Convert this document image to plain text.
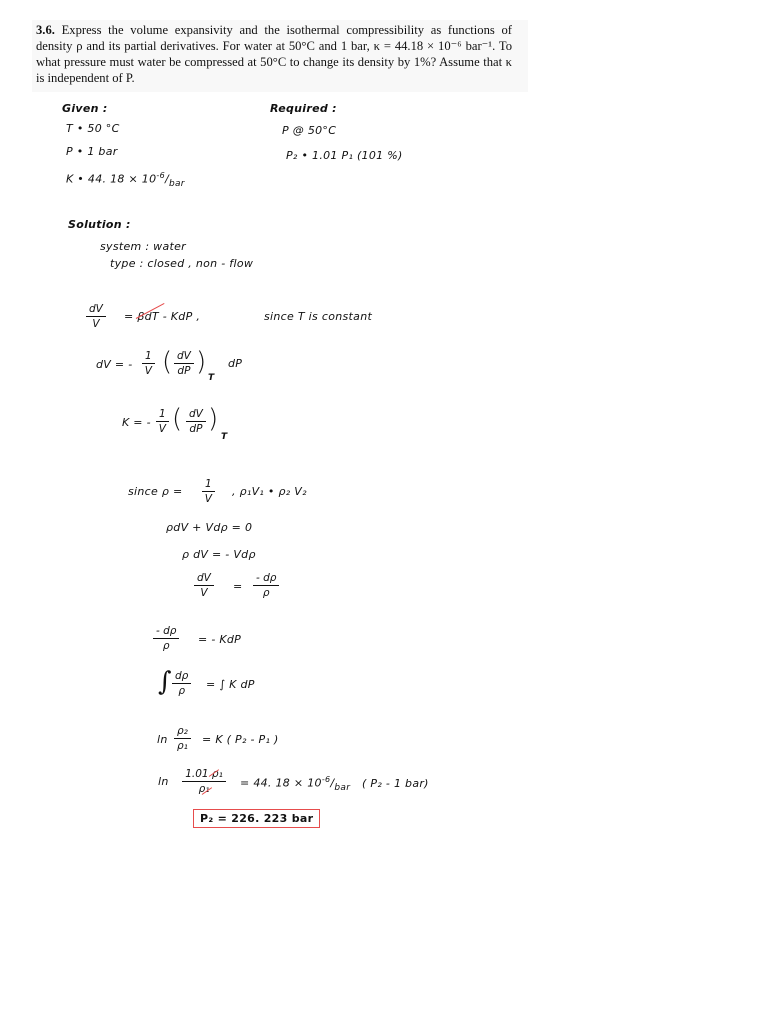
3.6. Express the volume expansivity and the isothermal compressibility as functions of density ρ and its partial derivatives. For water at 50°C and 1 bar, κ = 44.18 × 10⁻⁶ bar⁻¹. To what pressure must water be compressed at 50°C to change its density by 1%? Assume that κ is independent of P.
Given :
T • 50 °C
P • 1 bar
K • 44. $18 \times 10^{-6}/_{bar}$
Required :
P @ 50°C
P₂ • 1.01 P₁ (101 %)
Solution :
system : water
type : closed , non - flow
dV
V
= βdT - KdP ,	since T is constant
dV = -
1
V ( dV
dP )
T
dP
K = -
1
V ( dV
dP )
T
since ρ =
1
V
, ρ₁V₁ • ρ₂ V₂
ρdV + Vdρ = 0
ρ dV = - Vdρ
dV
V =
- dρ
ρ
- dρ
ρ	= - KdP
∫ dρ
ρ = ∫ K dP
ln
ρ₂
ρ₁ = K ( P₂ - P₁ )
ln
1.01 ρ₁
ρ₁	= 44. $18 \times 10^{-6}/_{bar}$ ( P₂ - 1 bar)
P₂ = 226. 223 bar
